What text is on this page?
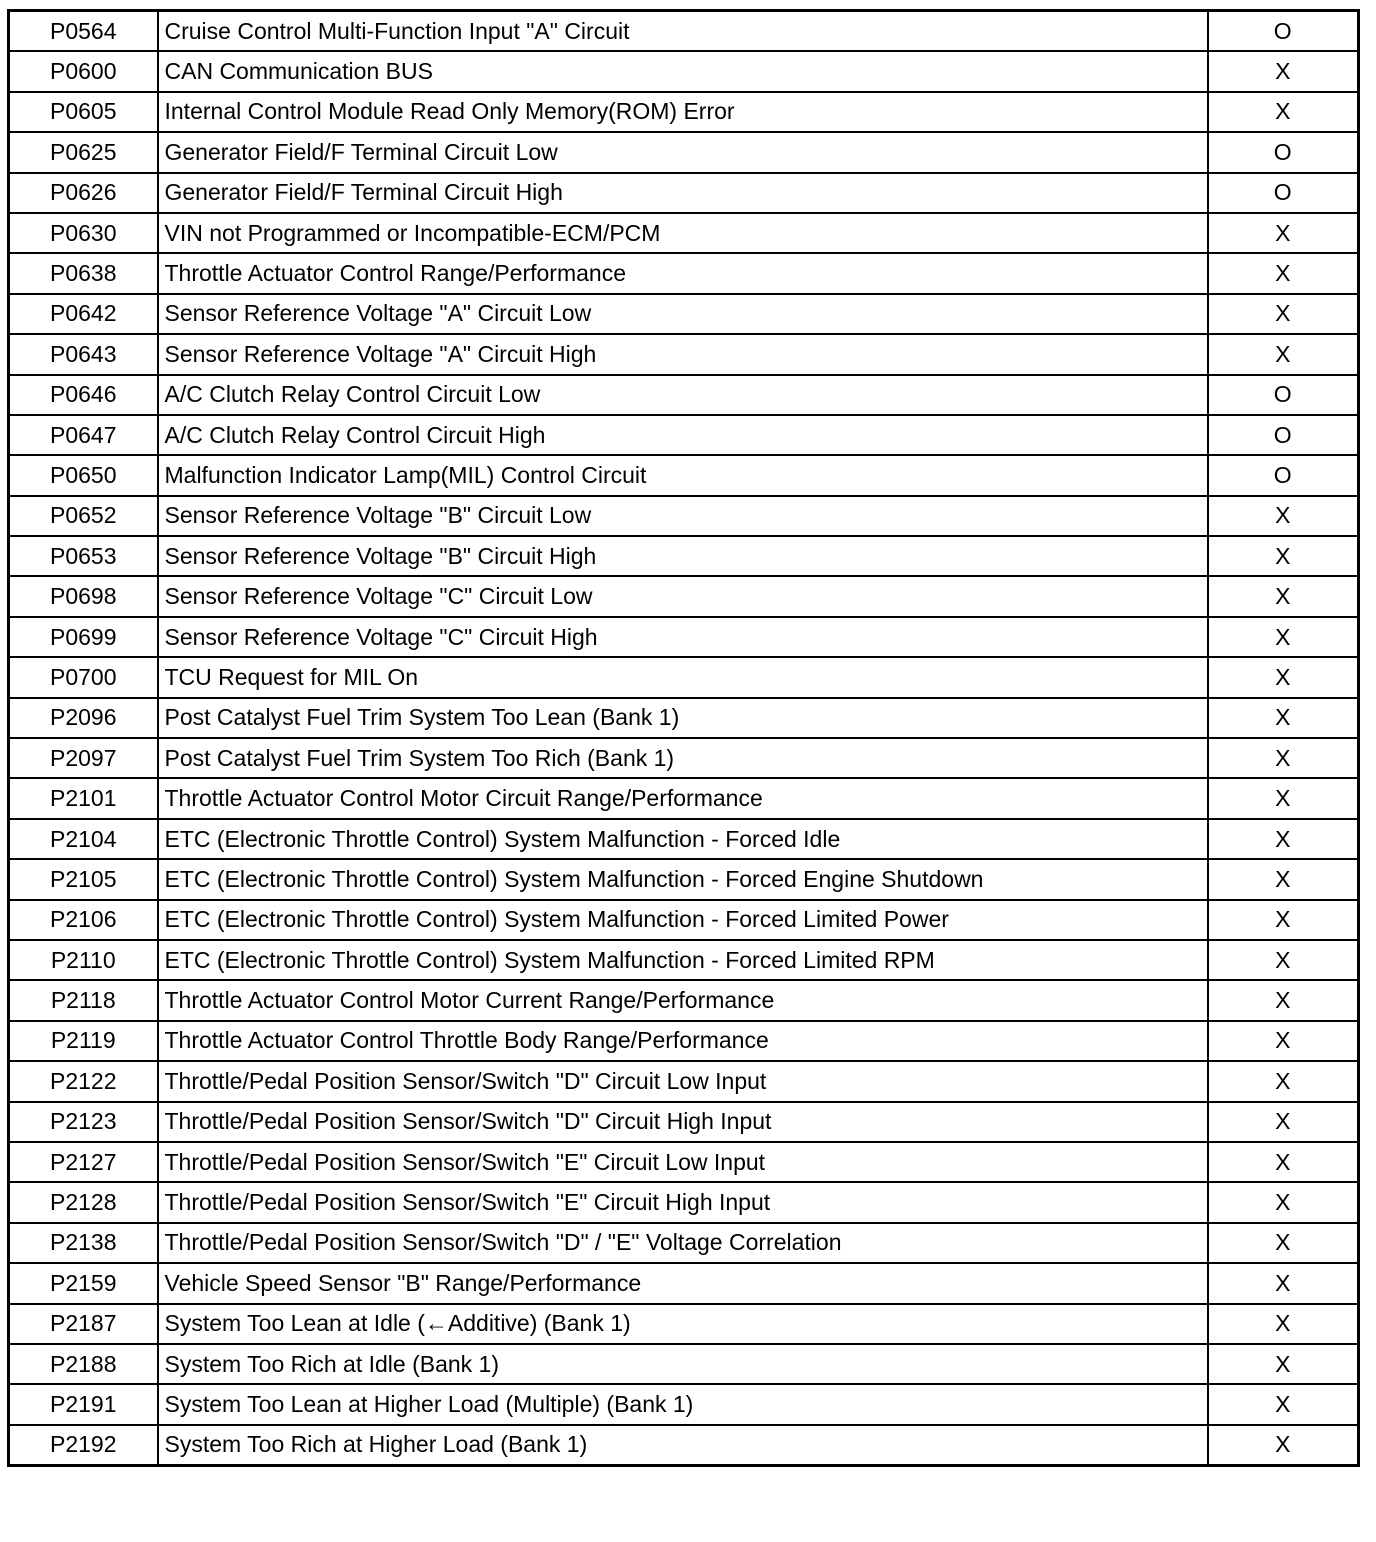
P0564	Cruise Control Multi-Function Input "A" Circuit	O
P0600	CAN Communication BUS	X
P0605	Internal Control Module Read Only Memory(ROM) Error	X
P0625	Generator Field/F Terminal Circuit Low	O
P0626	Generator Field/F Terminal Circuit High	O
P0630	VIN not Programmed or Incompatible-ECM/PCM	X
P0638	Throttle Actuator Control Range/Performance	X
P0642	Sensor Reference Voltage "A" Circuit Low	X
P0643	Sensor Reference Voltage "A" Circuit High	X
P0646	A/C Clutch Relay Control Circuit Low	O
P0647	A/C Clutch Relay Control Circuit High	O
P0650	Malfunction Indicator Lamp(MIL) Control Circuit	O
P0652	Sensor Reference Voltage "B" Circuit Low	X
P0653	Sensor Reference Voltage "B" Circuit High	X
P0698	Sensor Reference Voltage "C" Circuit Low	X
P0699	Sensor Reference Voltage "C" Circuit High	X
P0700	TCU Request for MIL On	X
P2096	Post Catalyst Fuel Trim System Too Lean (Bank 1)	X
P2097	Post Catalyst Fuel Trim System Too Rich (Bank 1)	X
P2101	Throttle Actuator Control Motor Circuit Range/Performance	X
P2104	ETC (Electronic Throttle Control) System Malfunction - Forced Idle	X
P2105	ETC (Electronic Throttle Control) System Malfunction - Forced Engine Shutdown	X
P2106	ETC (Electronic Throttle Control) System Malfunction - Forced Limited Power	X
P2110	ETC (Electronic Throttle Control) System Malfunction - Forced Limited RPM	X
P2118	Throttle Actuator Control Motor Current Range/Performance	X
P2119	Throttle Actuator Control Throttle Body Range/Performance	X
P2122	Throttle/Pedal Position Sensor/Switch "D" Circuit Low Input	X
P2123	Throttle/Pedal Position Sensor/Switch "D" Circuit High Input	X
P2127	Throttle/Pedal Position Sensor/Switch "E" Circuit Low Input	X
P2128	Throttle/Pedal Position Sensor/Switch "E" Circuit High Input	X
P2138	Throttle/Pedal Position Sensor/Switch "D" / "E" Voltage Correlation	X
P2159	Vehicle Speed Sensor "B" Range/Performance	X
P2187	System Too Lean at Idle (←Additive) (Bank 1)	X
P2188	System Too Rich at Idle (Bank 1)	X
P2191	System Too Lean at Higher Load (Multiple) (Bank 1)	X
P2192	System Too Rich at Higher Load (Bank 1)	X
